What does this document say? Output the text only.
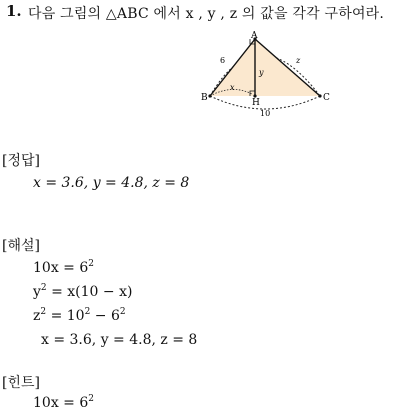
1. 다음 그림의 △ABC 에서 x , y , z 의 값을 각각 구하여라.
A
B	C
H
6	z
y
x
10
[정답]
x = 3.6, y = 4.8, z = 8
[해설]
$10x = 6^2$
$y^2 = x(10 - x)$
$z^2 = 10^2 - 6^2$
x = 3.6, y = 4.8, z = 8
[힌트]
$10x = 6^2$
